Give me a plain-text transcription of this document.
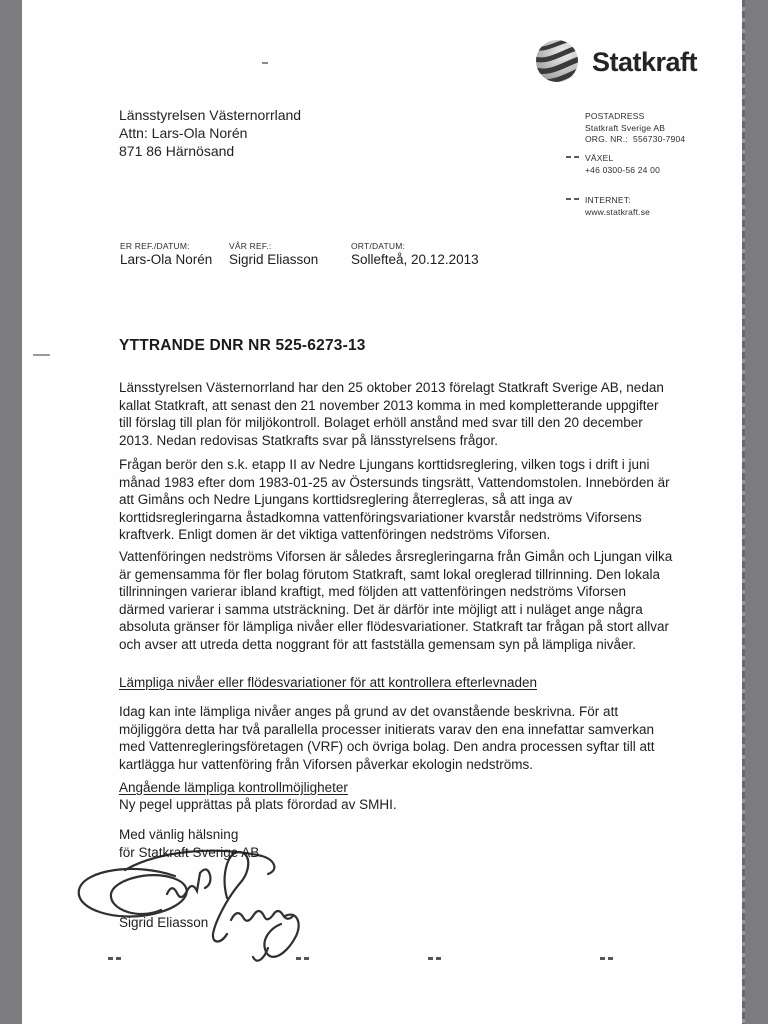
Statkraft
Länsstyrelsen Västernorrland
Attn: Lars-Ola Norén
871 86 Härnösand
POSTADRESS
Statkraft Sverige AB
ORG. NR.: 556730-7904
VÄXEL
+46 0300-56 24 00
INTERNET:
www.statkraft.se
ER REF./DATUM:
Lars-Ola Norén
VÅR REF.:
Sigrid Eliasson
ORT/DATUM:
Sollefteå, 20.12.2013
YTTRANDE DNR NR 525-6273-13
Länsstyrelsen Västernorrland har den 25 oktober 2013 förelagt Statkraft Sverige AB, nedan kallat Statkraft, att senast den 21 november 2013 komma in med kompletterande uppgifter till förslag till plan för miljökontroll. Bolaget erhöll anstånd med svar till den 20 december 2013. Nedan redovisas Statkrafts svar på länsstyrelsens frågor.
Frågan berör den s.k. etapp II av Nedre Ljungans korttidsreglering, vilken togs i drift i juni månad 1983 efter dom 1983-01-25 av Östersunds tingsrätt, Vattendomstolen. Innebörden är att Gimåns och Nedre Ljungans korttidsreglering återregleras, så att inga av korttidsregleringarna åstadkomna vattenföringsvariationer kvarstår nedströms Viforsens kraftverk. Enligt domen är det viktiga vattenföringen nedströms Viforsen.
Vattenföringen nedströms Viforsen är således årsregleringarna från Gimån och Ljungan vilka är gemensamma för fler bolag förutom Statkraft, samt lokal oreglerad tillrinning. Den lokala tillrinningen varierar ibland kraftigt, med följden att vattenföringen nedströms Viforsen därmed varierar i samma utsträckning. Det är därför inte möjligt att i nuläget ange några absoluta gränser för lämpliga nivåer eller flödesvariationer. Statkraft tar frågan på stort allvar och avser att utreda detta noggrant för att fastställa gemensam syn på lämpliga nivåer.
Lämpliga nivåer eller flödesvariationer för att kontrollera efterlevnaden
Idag kan inte lämpliga nivåer anges på grund av det ovanstående beskrivna. För att möjliggöra detta har två parallella processer initierats varav den ena innefattar samverkan med Vattenregleringsföretagen (VRF) och övriga bolag. Den andra processen syftar till att kartlägga hur vattenföring från Viforsen påverkar ekologin nedströms.
Angående lämpliga kontrollmöjligheter
Ny pegel upprättas på plats förordad av SMHI.
Med vänlig hälsning
för Statkraft Sverige AB
Sigrid Eliasson
